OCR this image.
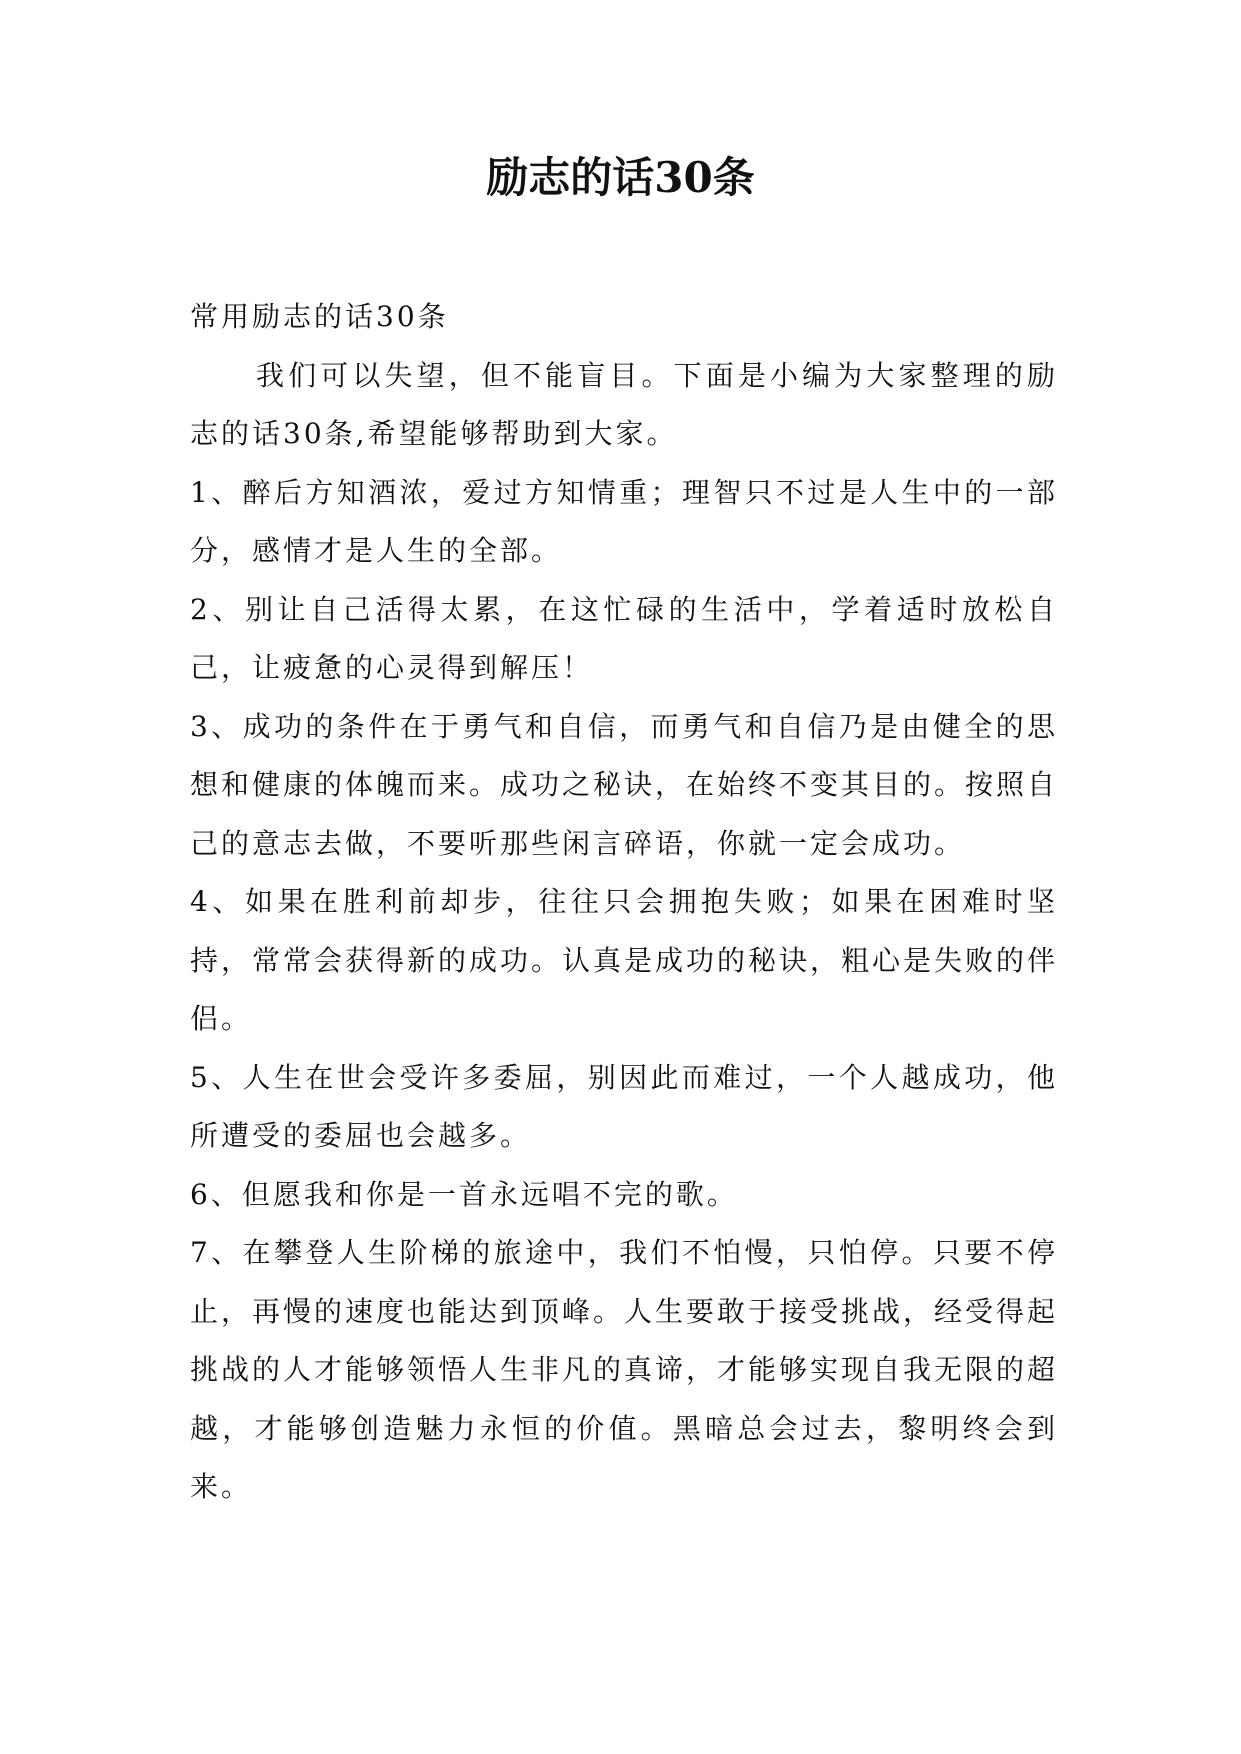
励志的话30条

常用励志的话30条

我们可以失望，但不能盲目。下面是小编为大家整理的励志的话30条,希望能够帮助到大家。

1、醉后方知酒浓，爱过方知情重；理智只不过是人生中的一部分，感情才是人生的全部。

2、别让自己活得太累，在这忙碌的生活中，学着适时放松自己，让疲惫的心灵得到解压！

3、成功的条件在于勇气和自信，而勇气和自信乃是由健全的思想和健康的体魄而来。成功之秘诀，在始终不变其目的。按照自己的意志去做，不要听那些闲言碎语，你就一定会成功。

4、如果在胜利前却步，往往只会拥抱失败；如果在困难时坚持，常常会获得新的成功。认真是成功的秘诀，粗心是失败的伴侣。

5、人生在世会受许多委屈，别因此而难过，一个人越成功，他所遭受的委屈也会越多。

6、但愿我和你是一首永远唱不完的歌。

7、在攀登人生阶梯的旅途中，我们不怕慢，只怕停。只要不停止，再慢的速度也能达到顶峰。人生要敢于接受挑战，经受得起挑战的人才能够领悟人生非凡的真谛，才能够实现自我无限的超越，才能够创造魅力永恒的价值。黑暗总会过去，黎明终会到来。
